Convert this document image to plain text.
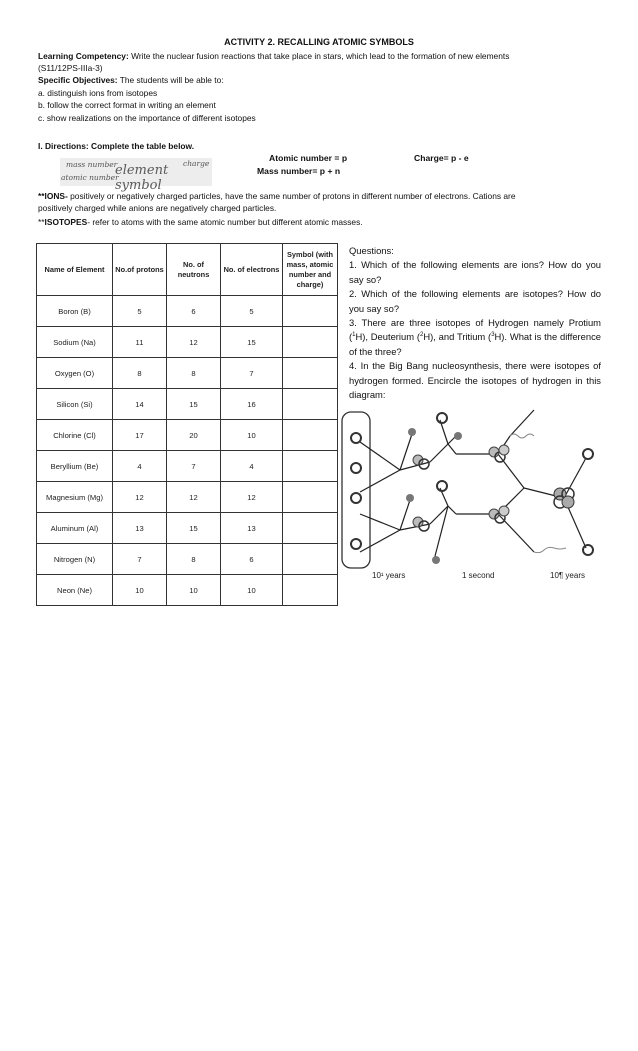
ACTIVITY 2. RECALLING ATOMIC SYMBOLS
Learning Competency: Write the nuclear fusion reactions that take place in stars, which lead to the formation of new elements
(S11/12PS-IIIa-3)
Specific Objectives: The students will be able to:
a. distinguish ions from isotopes
b. follow the correct format in writing an element
c. show realizations on the importance of different isotopes
I. Directions: Complete the table below.
Atomic number = p
Mass number= p + n
Charge= p - e
mass number
atomic number
element symbol
charge
**IONS- positively or negatively charged particles, have the same number of protons in different number of electrons. Cations are
positively charged while anions are negatively charged particles.
**ISOTOPES- refer to atoms with the same atomic number but different atomic masses.
Name of Element	No.of protons	No. of neutrons	No. of electrons	Symbol (with mass, atomic number and charge)
Boron (B)	5	6	5	
Sodium (Na)	11	12	15	
Oxygen (O)	8	8	7	
Silicon (Si)	14	15	16	
Chlorine (Cl)	17	20	10	
Beryllium (Be)	4	7	4	
Magnesium (Mg)	12	12	12	
Aluminum (Al)	13	15	13	
Nitrogen (N)	7	8	6	
Neon (Ne)	10	10	10	
Questions:
1. Which of the following elements are ions? How do you say so?
2. Which of the following elements are isotopes? How do you say so?
3. There are three isotopes of Hydrogen namely Protium ($^1$H), Deuterium ($^2$H), and Tritium ($^3$H). What is the difference of the three?
4. In the Big Bang nucleosynthesis, there were isotopes of hydrogen formed. Encircle the isotopes of hydrogen in this diagram:
10¹ years	1 second	10¶ years
